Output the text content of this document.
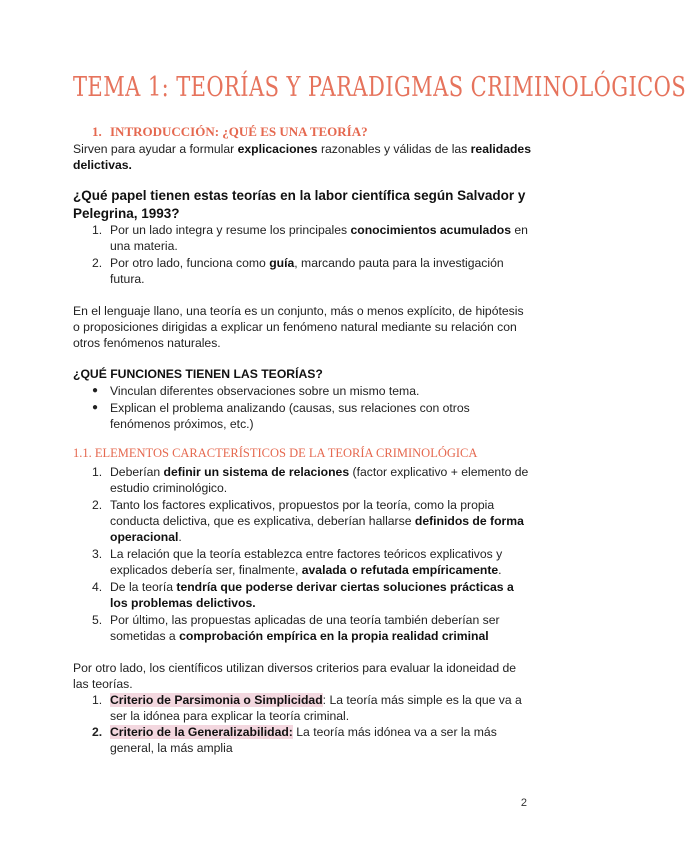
TEMA 1: TEORÍAS Y PARADIGMAS CRIMINOLÓGICOS
1. INTRODUCCIÓN: ¿QUÉ ES UNA TEORÍA?
Sirven para ayudar a formular explicaciones razonables y válidas de las realidades
delictivas.
¿Qué papel tienen estas teorías en la labor científica según Salvador y
Pelegrina, 1993?
1. Por un lado integra y resume los principales conocimientos acumulados en
una materia.
2. Por otro lado, funciona como guía, marcando pauta para la investigación
futura.
En el lenguaje llano, una teoría es un conjunto, más o menos explícito, de hipótesis
o proposiciones dirigidas a explicar un fenómeno natural mediante su relación con
otros fenómenos naturales.
¿QUÉ FUNCIONES TIENEN LAS TEORÍAS?
● Vinculan diferentes observaciones sobre un mismo tema.
● Explican el problema analizando (causas, sus relaciones con otros
fenómenos próximos, etc.)
1.1. ELEMENTOS CARACTERÍSTICOS DE LA TEORÍA CRIMINOLÓGICA
1. Deberían definir un sistema de relaciones (factor explicativo + elemento de
estudio criminológico.
2. Tanto los factores explicativos, propuestos por la teoría, como la propia
conducta delictiva, que es explicativa, deberían hallarse definidos de forma
operacional.
3. La relación que la teoría establezca entre factores teóricos explicativos y
explicados debería ser, finalmente, avalada o refutada empíricamente.
4. De la teoría tendría que poderse derivar ciertas soluciones prácticas a
los problemas delictivos.
5. Por último, las propuestas aplicadas de una teoría también deberían ser
sometidas a comprobación empírica en la propia realidad criminal
Por otro lado, los científicos utilizan diversos criterios para evaluar la idoneidad de
las teorías.
1. Criterio de Parsimonia o Simplicidad: La teoría más simple es la que va a
ser la idónea para explicar la teoría criminal.
2. Criterio de la Generalizabilidad: La teoría más idónea va a ser la más
general, la más amplia
2
